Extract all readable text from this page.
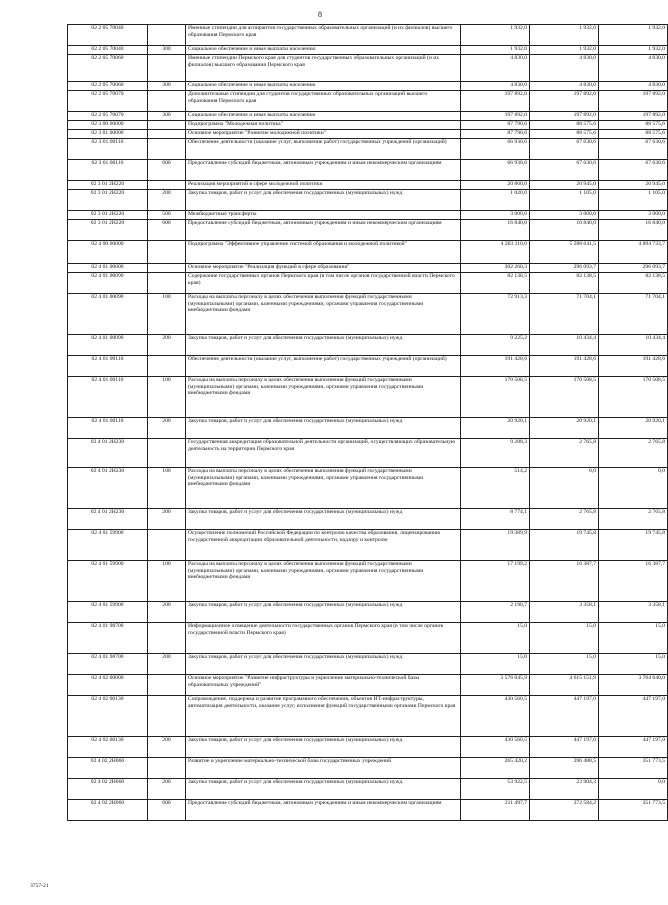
8
02 2 05 70040		Именные стипендии для аспирантов государственных образовательных организаций (и их филиалов) высшего образования Пермского края	1 932,0	1 932,0	1 932,0
02 2 05 70040	300	Социальное обеспечение и иные выплаты населению	1 932,0	1 932,0	1 932,0
02 2 05 70060		Именные стипендии Пермского края для студентов государственных образовательных организаций (и их филиалов) высшего образования Пермского края	4 830,0	4 830,0	4 830,0
02 2 05 70060	300	Социальное обеспечение и иные выплаты населению	4 830,0	4 830,0	4 830,0
02 2 05 70070		Дополнительные стипендии для студентов государственных образовательных организаций высшего образования Пермского края	197 892,0	197 892,0	197 892,0
02 2 05 70070	300	Социальное обеспечение и иные выплаты населению	197 892,0	197 892,0	197 892,0
02 3 00 00000		Подпрограмма "Молодежная политика"	87 790,6	88 575,6	88 575,6
02 3 01 00000		Основное мероприятие "Развитие молодежной политики"	87 790,6	88 575,6	88 575,6
02 3 01 00110		Обеспечение деятельности (оказание услуг, выполнение работ) государственных учреждений (организаций)	66 930,6	67 630,6	67 630,6
02 3 01 00110	600	Предоставление субсидий бюджетным, автономным учреждениям и иным некоммерческим организациям	66 930,6	67 630,6	67 630,6
02 3 01 2Н220		Реализация мероприятий в сфере молодежной политики	20 860,0	20 945,0	20 945,0
02 3 01 2Н220	200	Закупка товаров, работ и услуг для обеспечения государственных (муниципальных) нужд	1 020,0	1 105,0	1 105,0
02 3 01 2Н220	500	Межбюджетные трансферты	3 000,0	3 000,0	3 000,0
02 3 01 2Н220	600	Предоставление субсидий бюджетным, автономным учреждениям и иным некоммерческим организациям	16 840,0	16 840,0	16 840,0
02 4 00 00000		Подпрограмма "Эффективное управление системой образования и молодежной политикой"	4 263 110,0	5 288 641,5	4 094 733,7
02 4 01 00000		Основное мероприятие "Реализация функций в сфере образования"	302 260,3	296 093,7	296 093,7
02 4 01 00090		Содержание государственных органов Пермского края (в том числе органов государственной власти Пермского края)	82 138,5	82 138,5	82 138,5
02 4 01 00090	100	Расходы на выплаты персоналу в целях обеспечения выполнения функций государственными (муниципальными) органами, казенными учреждениями, органами управления государственными внебюджетными фондами	72 913,3	71 704,1	71 704,1
02 4 01 00090	200	Закупка товаров, работ и услуг для обеспечения государственных (муниципальных) нужд	9 225,2	10 434,4	10 434,4
02 4 01 00110		Обеспечение деятельности (оказание услуг, выполнение работ) государственных учреждений (организаций)	191 428,6	191 428,6	191 428,6
02 4 01 00110	100	Расходы на выплаты персоналу в целях обеспечения выполнения функций государственными (муниципальными) органами, казенными учреждениями, органами управления государственными внебюджетными фондами	170 508,5	170 508,5	170 508,5
02 4 01 00110	200	Закупка товаров, работ и услуг для обеспечения государственных (муниципальных) нужд	20 920,1	20 920,1	20 920,1
02 4 01 2Н230		Государственная аккредитация образовательной деятельности организаций, осуществляющих образовательную деятельность на территории Пермского края	9 288,3	2 765,8	2 765,8
02 4 01 2Н230	100	Расходы на выплаты персоналу в целях обеспечения выполнения функций государственными (муниципальными) органами, казенными учреждениями, органами управления государственными внебюджетными фондами	514,2	0,0	0,0
02 4 01 2Н230	200	Закупка товаров, работ и услуг для обеспечения государственных (муниципальных) нужд	8 774,1	2 765,8	2 765,8
02 4 01 59900		Осуществление полномочий Российской Федерации по контролю качества образования, лицензированию государственной аккредитации образовательной деятельности, надзору и контролю	19 389,9	19 745,8	19 745,8
02 4 01 59900	100	Расходы на выплаты персоналу в целях обеспечения выполнения функций государственными (муниципальными) органами, казенными учреждениями, органами управления государственными внебюджетными фондами	17 199,2	16 387,7	16 387,7
02 4 01 59900	200	Закупка товаров, работ и услуг для обеспечения государственных (муниципальных) нужд	2 190,7	3 358,1	3 358,1
02 4 01 98700		Информационное освещение деятельности государственных органов Пермского края (в том числе органов государственной власти Пермского края)	15,0	15,0	15,0
02 4 01 98700	200	Закупка товаров, работ и услуг для обеспечения государственных (муниципальных) нужд	15,0	15,0	15,0
02 4 02 00000		Основное мероприятие "Развитие инфраструктуры и укрепление материально-технической базы образовательных учреждений"	3 576 045,9	4 615 151,9	3 764 640,0
02 4 02 00130		Сопровождение, поддержка и развитие программного обеспечения, объектов ИТ-инфраструктуры, автоматизация деятельности, оказание услуг, исполнения функций государственными органами Пермского края	430 560,5	447 197,0	447 197,0
02 4 02 00130	200	Закупка товаров, работ и услуг для обеспечения государственных (муниципальных) нужд	430 560,5	447 197,0	447 197,0
02 4 02 2Н060		Развитие и укрепление материально-технической базы государственных учреждений	265 420,2	396 488,5	351 773,5
02 4 02 2Н060	200	Закупка товаров, работ и услуг для обеспечения государственных (муниципальных) нужд	53 922,5	23 904,3	0,0
02 4 02 2Н060	600	Предоставление субсидий бюджетным, автономным учреждениям и иным некоммерческим организациям	211 497,7	372 584,2	351 773,5
3757-21
